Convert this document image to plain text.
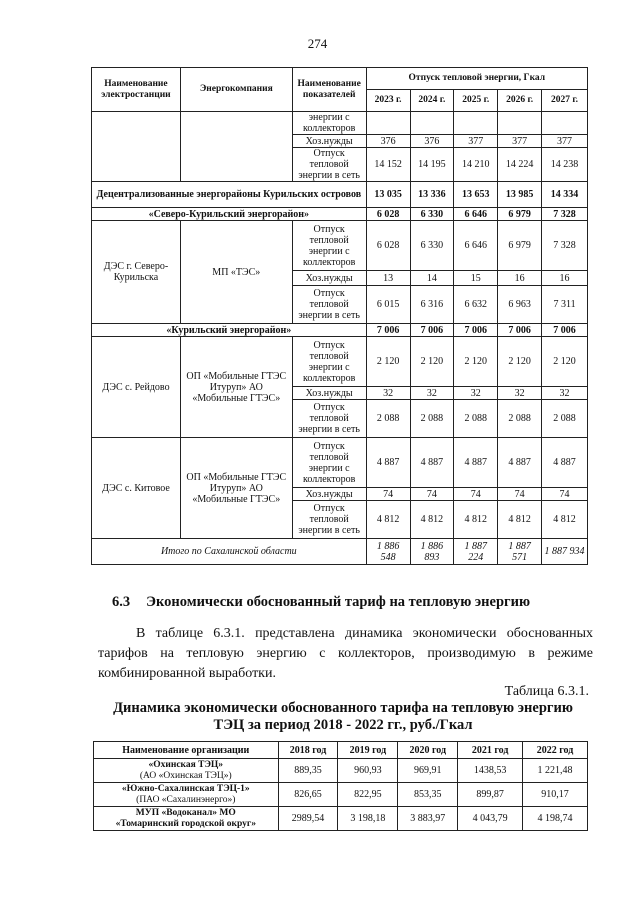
274
Наименование электростанции	Энергокомпания	Наименование показателей	Отпуск тепловой энергии, Гкал				
			2023 г.	2024 г.	2025 г.	2026 г.	2027 г.
		энергии с коллекторов					
		Хоз.нужды	376	376	377	377	377
		Отпуск тепловой энергии в сеть	14 152	14 195	14 210	14 224	14 238
Децентрализованные энергорайоны Курильских островов			13 035	13 336	13 653	13 985	14 334
«Северо-Курильский энергорайон»			6 028	6 330	6 646	6 979	7 328
ДЭС г. Северо-Курильска	МП «ТЭС»	Отпуск тепловой энергии с коллекторов	6 028	6 330	6 646	6 979	7 328
		Хоз.нужды	13	14	15	16	16
		Отпуск тепловой энергии в сеть	6 015	6 316	6 632	6 963	7 311
«Курильский энергорайон»			7 006	7 006	7 006	7 006	7 006
ДЭС с. Рейдово	ОП «Мобильные ГТЭС Итуруп» АО «Мобильные ГТЭС»	Отпуск тепловой энергии с коллекторов	2 120	2 120	2 120	2 120	2 120
		Хоз.нужды	32	32	32	32	32
		Отпуск тепловой энергии в сеть	2 088	2 088	2 088	2 088	2 088
ДЭС с. Китовое	ОП «Мобильные ГТЭС Итуруп» АО «Мобильные ГТЭС»	Отпуск тепловой энергии с коллекторов	4 887	4 887	4 887	4 887	4 887
		Хоз.нужды	74	74	74	74	74
		Отпуск тепловой энергии в сеть	4 812	4 812	4 812	4 812	4 812
Итого по Сахалинской области			1 886 548	1 886 893	1 887 224	1 887 571	1 887 934
6.3 Экономически обоснованный тариф на тепловую энергию

В таблице 6.3.1. представлена динамика экономически обоснованных тарифов на тепловую энергию с коллекторов, производимую в режиме комбинированной выработки.

Таблица 6.3.1.

Динамика экономически обоснованного тарифа на тепловую энергию ТЭЦ за период 2018 - 2022 гг., руб./Гкал

Наименование организации	2018 год	2019 год	2020 год	2021 год	2022 год
«Охинская ТЭЦ»
(АО «Охинская ТЭЦ»)	889,35	960,93	969,91	1438,53	1 221,48
«Южно-Сахалинская ТЭЦ-1»
(ПАО «Сахалинэнерго»)	826,65	822,95	853,35	899,87	910,17
МУП «Водоканал» МО
«Томаринский городской округ»	2989,54	3 198,18	3 883,97	4 043,79	4 198,74
